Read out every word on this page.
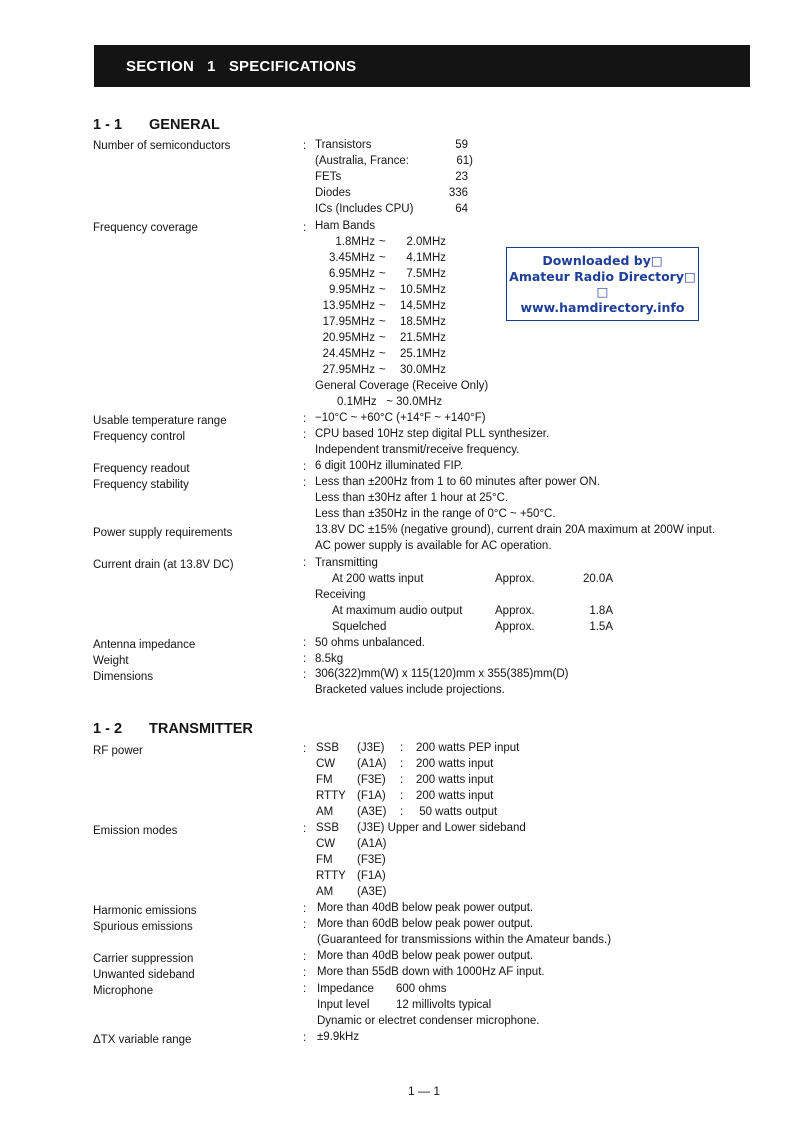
SECTION   1   SPECIFICATIONS
1 - 1 GENERAL
Number of semiconductors	: Transistors	59
(Australia, France:	61)
FETs	23
Diodes	336
ICs (Includes CPU)	64
Frequency coverage	: Ham Bands
1.8MHz ~	2.0MHz
3.45MHz ~	4.1MHz
6.95MHz ~	7.5MHz
9.95MHz ~	10.5MHz
13.95MHz ~	14.5MHz
17.95MHz ~	18.5MHz
20.95MHz ~	21.5MHz
24.45MHz ~	25.1MHz
27.95MHz ~	30.0MHz
General Coverage (Receive Only)
0.1MHz   ~ 30.0MHz
Usable temperature range	: −10°C ~ +60°C (+14°F ~ +140°F)
Frequency control	: CPU based 10Hz step digital PLL synthesizer.
Independent transmit/receive frequency.
Frequency readout	: 6 digit 100Hz illuminated FIP.
Frequency stability	: Less than ±200Hz from 1 to 60 minutes after power ON.
Less than ±30Hz after 1 hour at 25°C.
Less than ±350Hz in the range of 0°C ~ +50°C.
Power supply requirements	13.8V DC ±15% (negative ground), current drain 20A maximum at 200W input.
AC power supply is available for AC operation.
Current drain (at 13.8V DC)	: Transmitting
At 200 watts input	Approx.	20.0A
Receiving
At maximum audio output	Approx.	1.8A
Squelched	Approx.	1.5A
Antenna impedance	: 50 ohms unbalanced.
Weight	: 8.5kg
Dimensions	: 306(322)mm(W) x 115(120)mm x 355(385)mm(D)
Bracketed values include projections.
1 - 2 TRANSMITTER
RF power	: SSB (J3E) : 200 watts PEP input
CW (A1A) : 200 watts input
FM (F3E) : 200 watts input
RTTY (F1A) : 200 watts input
AM (A3E) : 50 watts output
Emission modes	: SSB (J3E) Upper and Lower sideband
CW (A1A)
FM (F3E)
RTTY (F1A)
AM (A3E)
Harmonic emissions	: More than 40dB below peak power output.
Spurious emissions	: More than 60dB below peak power output.
(Guaranteed for transmissions within the Amateur bands.)
Carrier suppression	: More than 40dB below peak power output.
Unwanted sideband	: More than 55dB down with 1000Hz AF input.
Microphone	: Impedance 600 ohms
Input level 12 millivolts typical
Dynamic or electret condenser microphone.
ΔTX variable range	: ±9.9kHz
Downloaded by□
Amateur Radio Directory□
□
www.hamdirectory.info
1 — 1
